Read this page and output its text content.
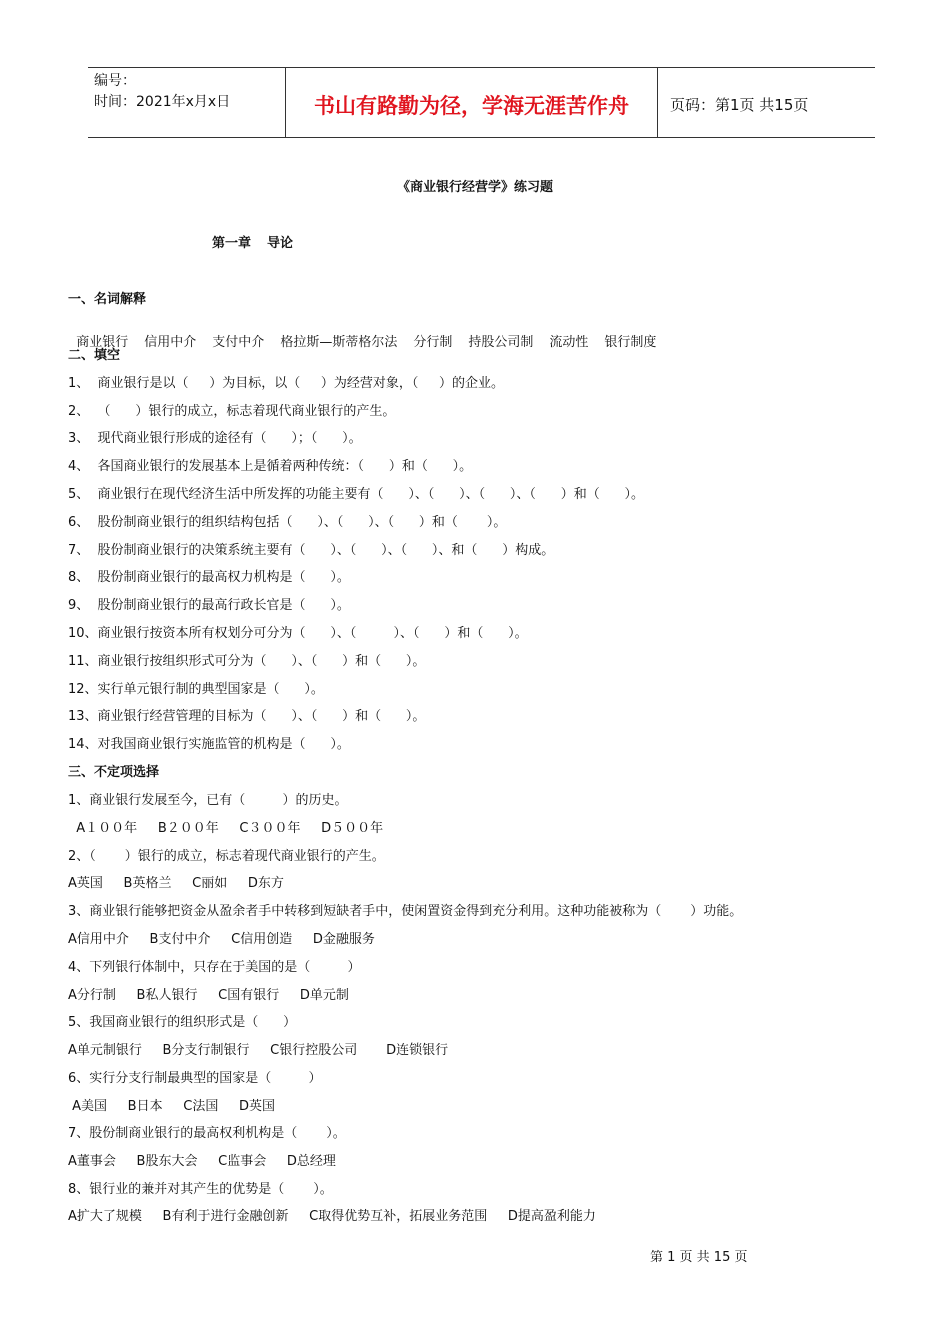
编号：
时间：2021年x月x日	书山有路勤为径，学海无涯苦作舟	页码：第1页 共15页
《商业银行经营学》练习题
第一章 导论
一、名词解释

商业银行 信用中介 支付中介 格拉斯—斯蒂格尔法 分行制 持股公司制 流动性 银行制度

二、填空
1、  商业银行是以（     ）为目标，以（     ）为经营对象，（     ）的企业。
2、  （      ）银行的成立，标志着现代商业银行的产生。
3、  现代商业银行形成的途径有（      ）；（      ）。
4、  各国商业银行的发展基本上是循着两种传统：（      ）和（      ）。
5、  商业银行在现代经济生活中所发挥的功能主要有（      ）、（      ）、（      ）、（      ）和（      ）。
6、  股份制商业银行的组织结构包括（      ）、（      ）、（      ）和（       ）。
7、  股份制商业银行的决策系统主要有（      ）、（      ）、（      ）、和（      ）构成。
8、  股份制商业银行的最高权力机构是（      ）。
9、  股份制商业银行的最高行政长官是（      ）。
10、商业银行按资本所有权划分可分为（      ）、（         ）、（      ）和（      ）。
11、商业银行按组织形式可分为（      ）、（      ）和（      ）。
12、实行单元银行制的典型国家是（      ）。
13、商业银行经营管理的目标为（      ）、（      ）和（      ）。
14、对我国商业银行实施监管的机构是（      ）。
三、不定项选择
1、商业银行发展至今，已有（         ）的历史。
A１００年     B２００年     C３００年     D５００年
2、（       ）银行的成立，标志着现代商业银行的产生。
A英国     B英格兰     C丽如     D东方
3、商业银行能够把资金从盈余者手中转移到短缺者手中，使闲置资金得到充分利用。这种功能被称为（       ）功能。
A信用中介     B支付中介     C信用创造     D金融服务
4、下列银行体制中，只存在于美国的是（         ）
A分行制     B私人银行     C国有银行     D单元制
5、我国商业银行的组织形式是（      ）
A单元制银行     B分支行制银行     C银行控股公司       D连锁银行
6、实行分支行制最典型的国家是（         ）
A美国     B日本     C法国     D英国
7、股份制商业银行的最高权利机构是（       ）。
A董事会     B股东大会     C监事会     D总经理
8、银行业的兼并对其产生的优势是（       ）。
A扩大了规模     B有利于进行金融创新     C取得优势互补，拓展业务范围     D提高盈利能力
第 1 页 共 15 页
